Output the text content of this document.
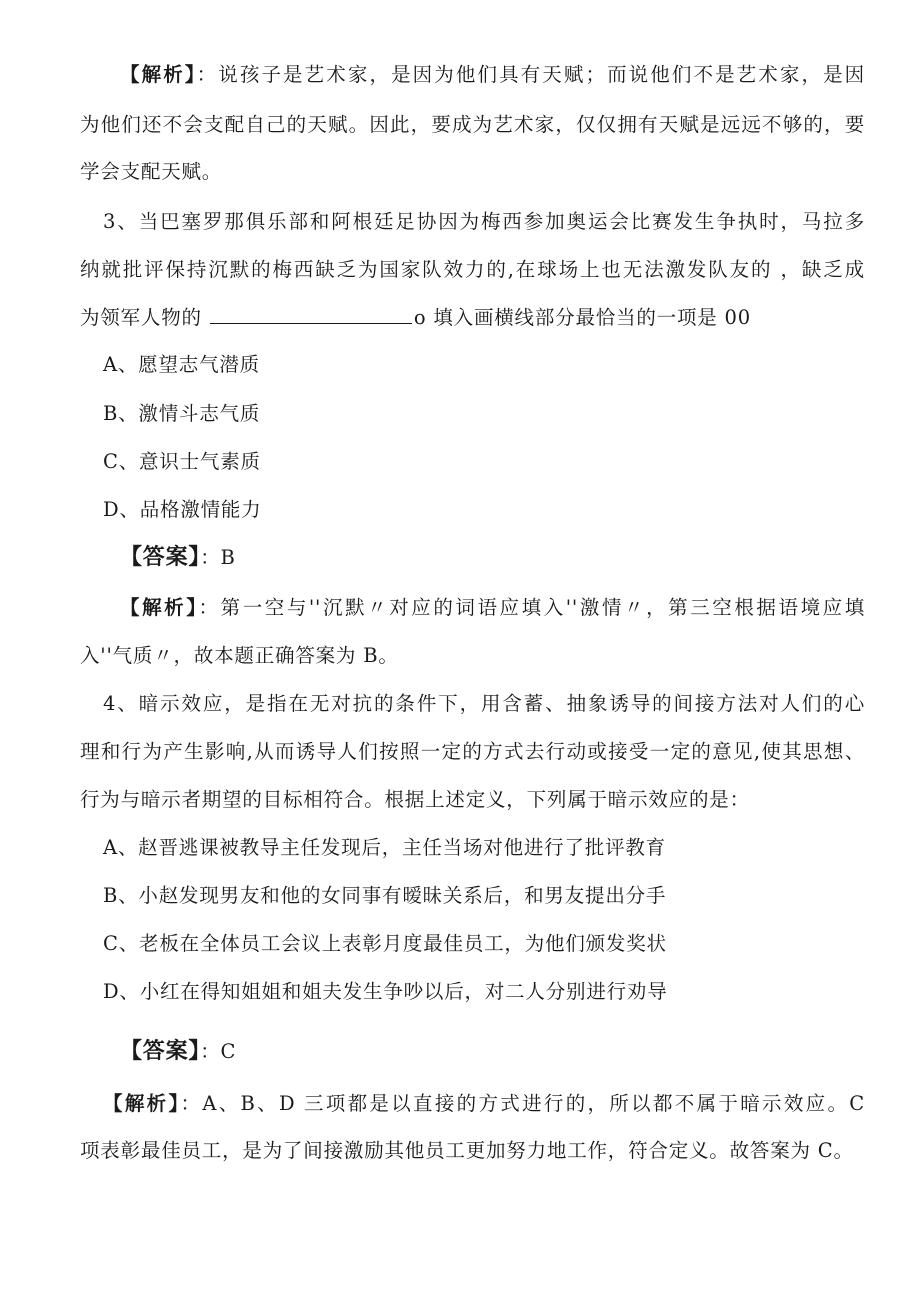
【解析】：说孩子是艺术家，是因为他们具有天赋；而说他们不是艺术家，是因
为他们还不会支配自己的天赋。因此，要成为艺术家，仅仅拥有天赋是远远不够的，要
学会支配天赋。
3、当巴塞罗那俱乐部和阿根廷足协因为梅西参加奥运会比赛发生争执时，马拉多
纳就批评保持沉默的梅西缺乏为国家队效力的,在球场上也无法激发队友的 ，缺乏成
为领军人物的	o 填入画横线部分最恰当的一项是 00
A、愿望志气潜质
B、激情斗志气质
C、意识士气素质
D、品格激情能力
【答案】：B
【解析】：第一空与''沉默〃对应的词语应填入''激情〃，第三空根据语境应填
入''气质〃，故本题正确答案为 B。
4、暗示效应，是指在无对抗的条件下，用含蓄、抽象诱导的间接方法对人们的心
理和行为产生影响,从而诱导人们按照一定的方式去行动或接受一定的意见,使其思想、
行为与暗示者期望的目标相符合。根据上述定义，下列属于暗示效应的是：
A、赵晋逃课被教导主任发现后，主任当场对他进行了批评教育
B、小赵发现男友和他的女同事有暧昧关系后，和男友提出分手
C、老板在全体员工会议上表彰月度最佳员工，为他们颁发奖状
D、小红在得知姐姐和姐夫发生争吵以后，对二人分别进行劝导
【答案】：C
【解析】：A、B、D 三项都是以直接的方式进行的，所以都不属于暗示效应。C
项表彰最佳员工，是为了间接激励其他员工更加努力地工作，符合定义。故答案为 C。
